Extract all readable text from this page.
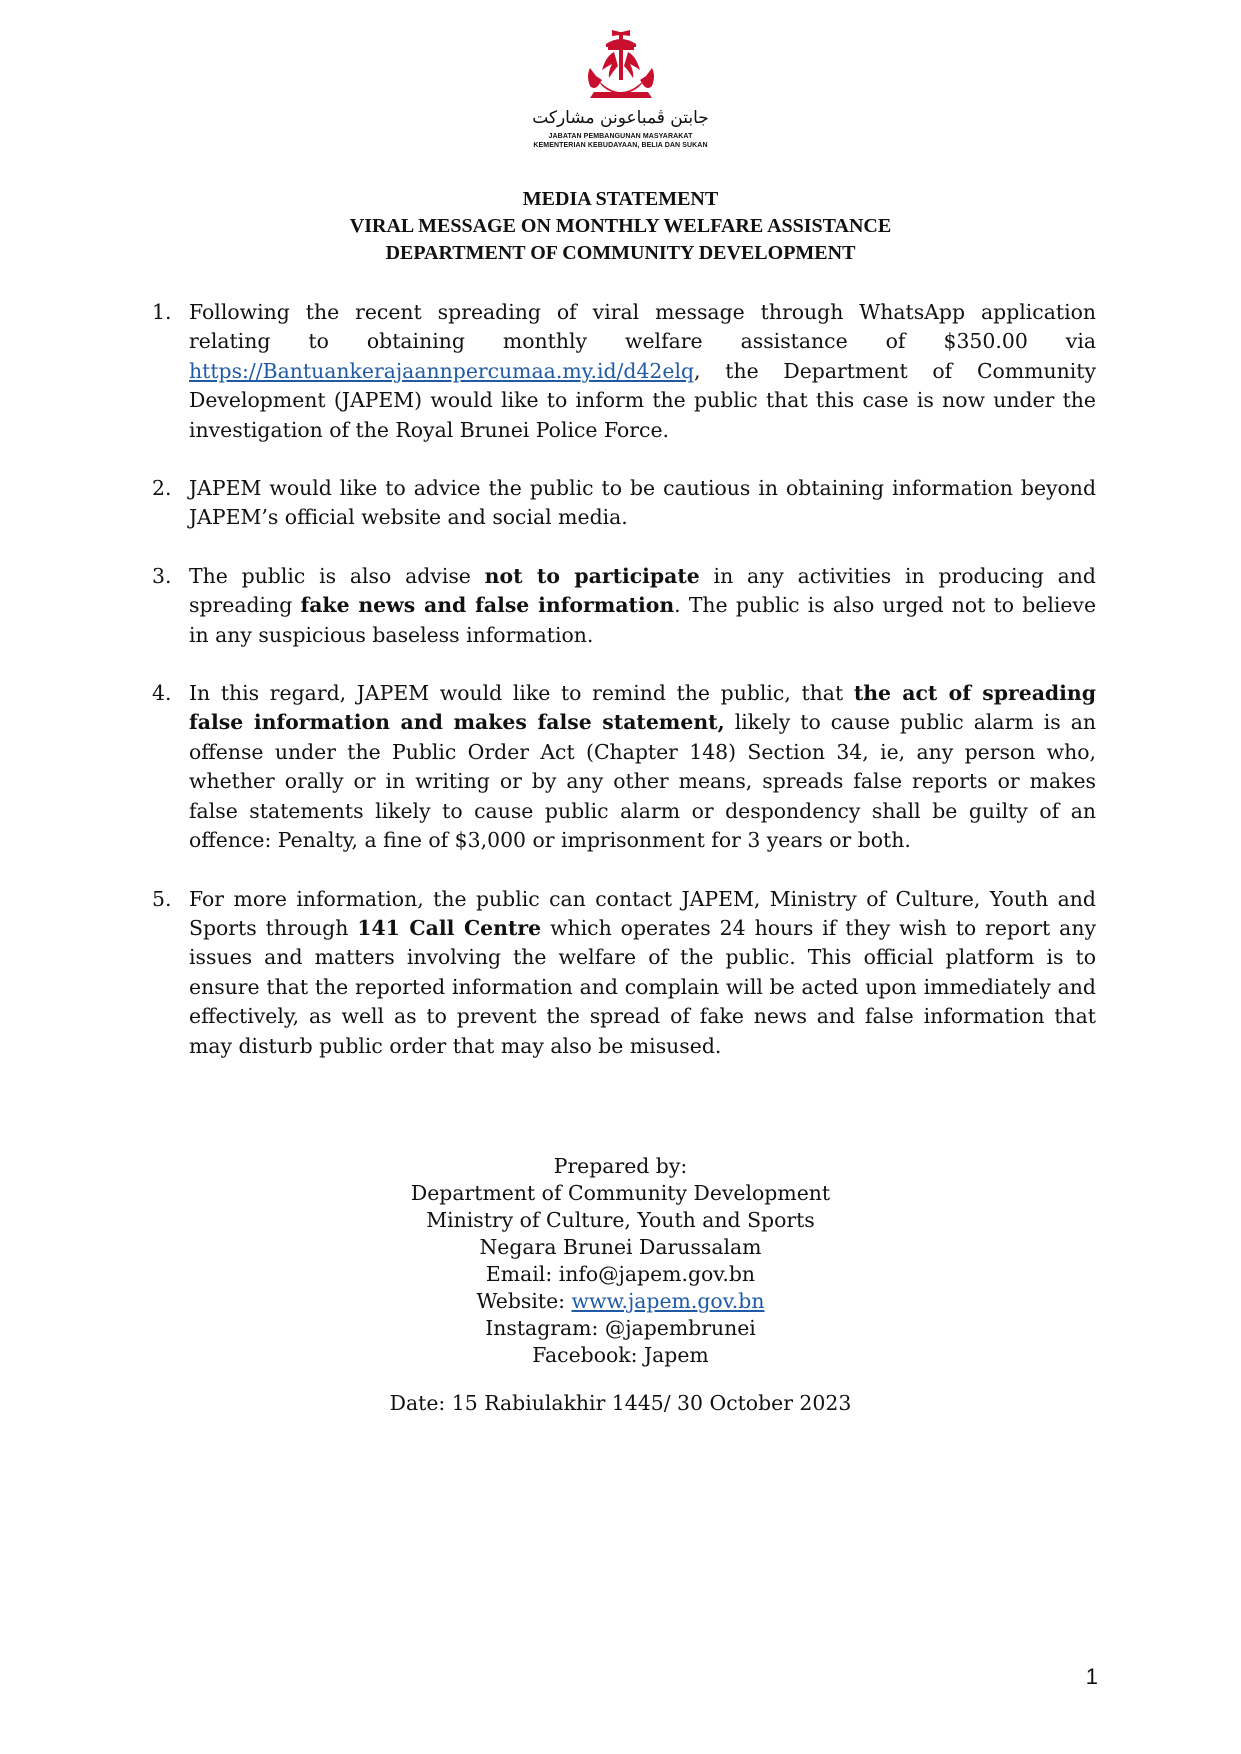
جابتن ڤمباعونن مشاركت
JABATAN PEMBANGUNAN MASYARAKAT
KEMENTERIAN KEBUDAYAAN, BELIA DAN SUKAN
MEDIA STATEMENT
VIRAL MESSAGE ON MONTHLY WELFARE ASSISTANCE
DEPARTMENT OF COMMUNITY DEVELOPMENT
1. Following the recent spreading of viral message through WhatsApp application relating to obtaining monthly welfare assistance of $350.00 via https://Bantuankerajaannpercumaa.my.id/d42elq, the Department of Community Development (JAPEM) would like to inform the public that this case is now under the investigation of the Royal Brunei Police Force.
2. JAPEM would like to advice the public to be cautious in obtaining information beyond JAPEM’s official website and social media.
3. The public is also advise not to participate in any activities in producing and spreading fake news and false information. The public is also urged not to believe in any suspicious baseless information.
4. In this regard, JAPEM would like to remind the public, that the act of spreading false information and makes false statement, likely to cause public alarm is an offense under the Public Order Act (Chapter 148) Section 34, ie, any person who, whether orally or in writing or by any other means, spreads false reports or makes false statements likely to cause public alarm or despondency shall be guilty of an offence: Penalty, a fine of $3,000 or imprisonment for 3 years or both.
5. For more information, the public can contact JAPEM, Ministry of Culture, Youth and Sports through 141 Call Centre which operates 24 hours if they wish to report any issues and matters involving the welfare of the public. This official platform is to ensure that the reported information and complain will be acted upon immediately and effectively, as well as to prevent the spread of fake news and false information that may disturb public order that may also be misused.
Prepared by:
Department of Community Development
Ministry of Culture, Youth and Sports
Negara Brunei Darussalam
Email: info@japem.gov.bn
Website: www.japem.gov.bn
Instagram: @japembrunei
Facebook: Japem
Date: 15 Rabiulakhir 1445/ 30 October 2023
1
